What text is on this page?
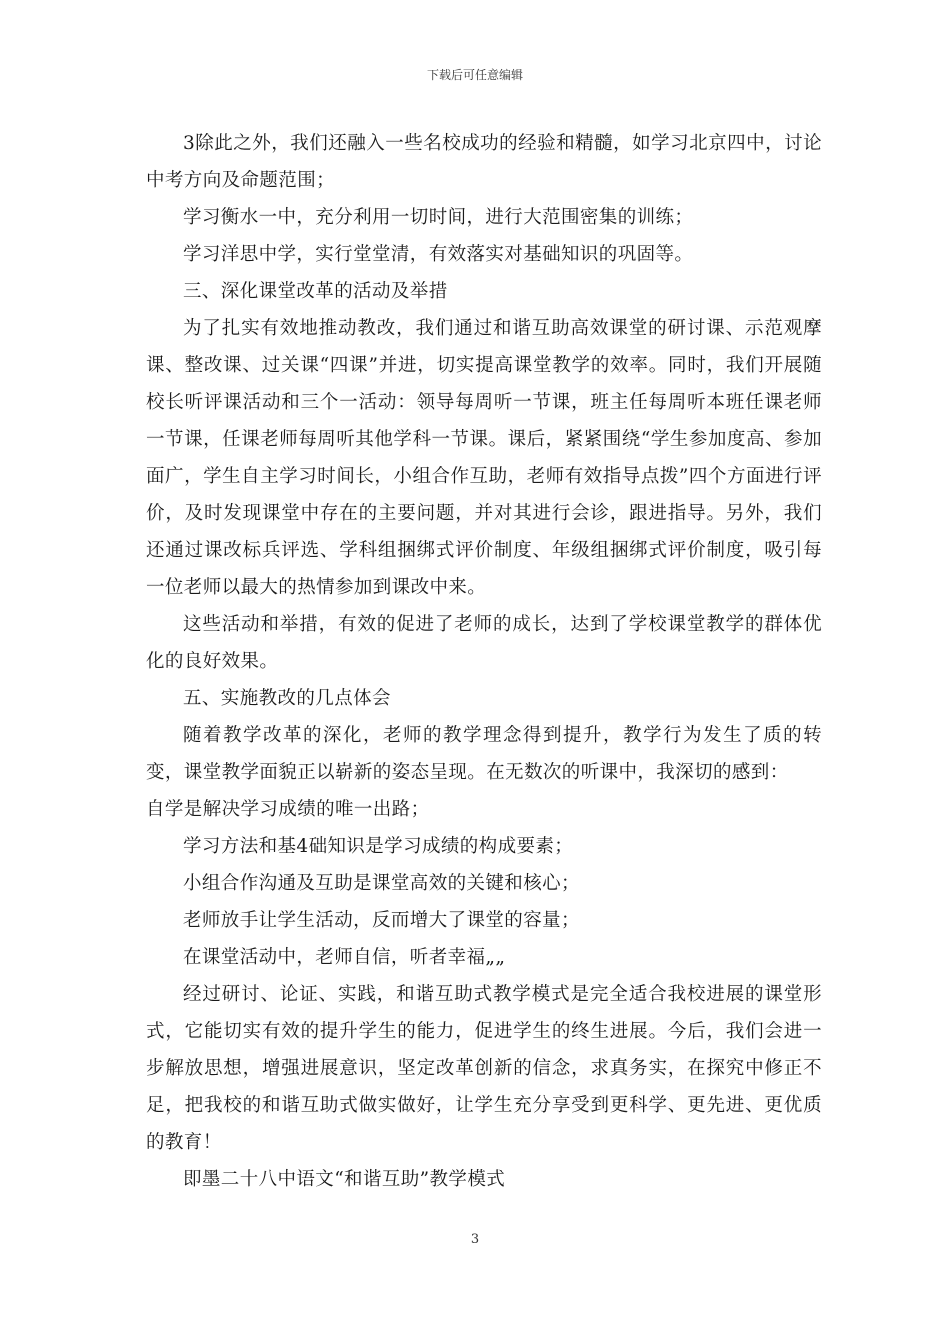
下载后可任意编辑

3除此之外，我们还融入一些名校成功的经验和精髓，如学习北京四中，讨论中考方向及命题范围；

学习衡水一中，充分利用一切时间，进行大范围密集的训练；

学习洋思中学，实行堂堂清，有效落实对基础知识的巩固等。

三、深化课堂改革的活动及举措

为了扎实有效地推动教改，我们通过和谐互助高效课堂的研讨课、示范观摩课、整改课、过关课“四课”并进，切实提高课堂教学的效率。同时，我们开展随校长听评课活动和三个一活动：领导每周听一节课，班主任每周听本班任课老师一节课，任课老师每周听其他学科一节课。课后，紧紧围绕“学生参加度高、参加面广，学生自主学习时间长，小组合作互助，老师有效指导点拨”四个方面进行评价，及时发现课堂中存在的主要问题，并对其进行会诊，跟进指导。另外，我们还通过课改标兵评选、学科组捆绑式评价制度、年级组捆绑式评价制度，吸引每一位老师以最大的热情参加到课改中来。

这些活动和举措，有效的促进了老师的成长，达到了学校课堂教学的群体优化的良好效果。

五、实施教改的几点体会

随着教学改革的深化，老师的教学理念得到提升，教学行为发生了质的转变，课堂教学面貌正以崭新的姿态呈现。在无数次的听课中，我深切的感到：

自学是解决学习成绩的唯一出路；

学习方法和基4础知识是学习成绩的构成要素；

小组合作沟通及互助是课堂高效的关键和核心；

老师放手让学生活动，反而增大了课堂的容量；

在课堂活动中，老师自信，听者幸福„„

经过研讨、论证、实践，和谐互助式教学模式是完全适合我校进展的课堂形式，它能切实有效的提升学生的能力，促进学生的终生进展。今后，我们会进一步解放思想，增强进展意识，坚定改革创新的信念，求真务实，在探究中修正不足，把我校的和谐互助式做实做好，让学生充分享受到更科学、更先进、更优质的教育！

即墨二十八中语文“和谐互助”教学模式

3
